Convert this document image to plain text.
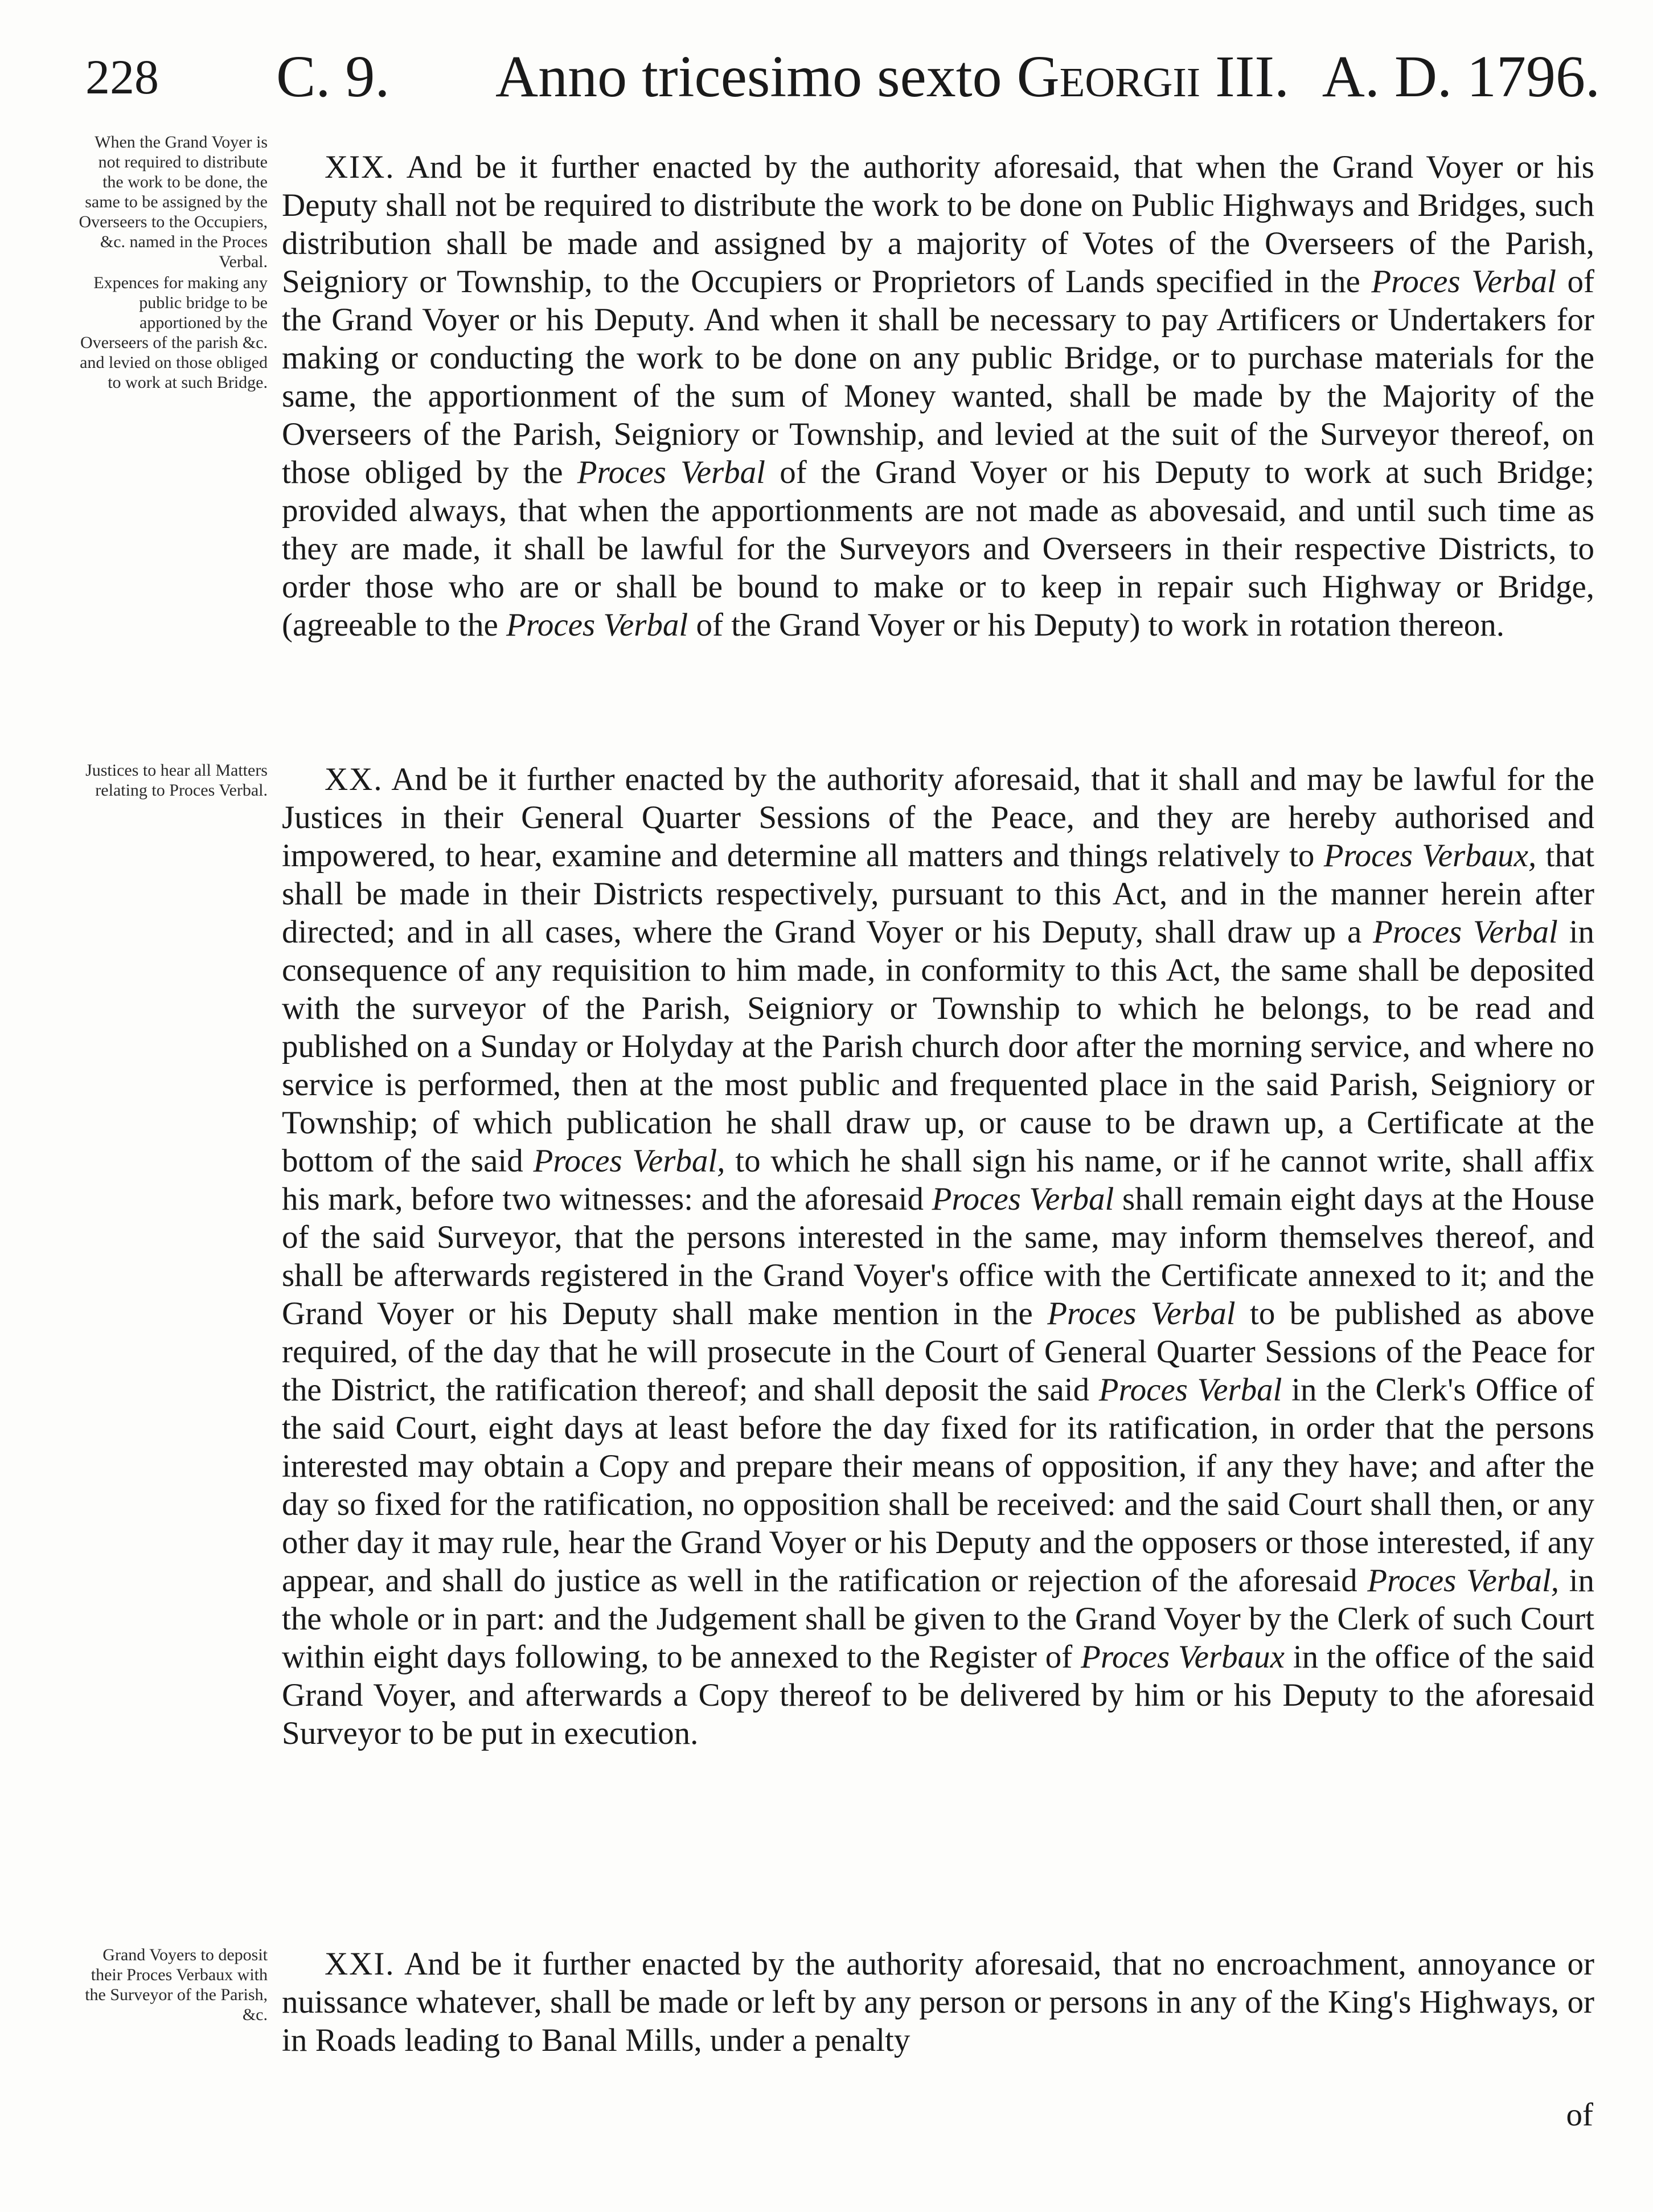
228 C. 9. Anno tricesimo sexto Georgii III. A. D. 1796.

When the Grand Voyer is not required to distribute the work to be done, the same to be assigned by the Overseers to the Occupiers, &c. named in the Proces Verbal.

Expences for making any public bridge to be apportioned by the Overseers of the parish &c. and levied on those obliged to work at such Bridge.

Justices to hear all Matters relating to Proces Verbal.

Grand Voyers to deposit their Proces Verbaux with the Surveyor of the Parish, &c.

XIX. And be it further enacted by the authority aforesaid, that when the Grand Voyer or his Deputy shall not be required to distribute the work to be done on Public Highways and Bridges, such distribution shall be made and assigned by a majority of Votes of the Overseers of the Parish, Seigniory or Township, to the Occupiers or Proprietors of Lands specified in the Proces Verbal of the Grand Voyer or his Deputy. And when it shall be necessary to pay Artificers or Undertakers for making or conducting the work to be done on any public Bridge, or to purchase materials for the same, the apportionment of the sum of Money wanted, shall be made by the Majority of the Overseers of the Parish, Seigniory or Township, and levied at the suit of the Surveyor thereof, on those obliged by the Proces Verbal of the Grand Voyer or his Deputy to work at such Bridge; provided always, that when the apportionments are not made as abovesaid, and until such time as they are made, it shall be lawful for the Surveyors and Overseers in their respective Districts, to order those who are or shall be bound to make or to keep in repair such Highway or Bridge, (agreeable to the Proces Verbal of the Grand Voyer or his Deputy) to work in rotation thereon.

XX. And be it further enacted by the authority aforesaid, that it shall and may be lawful for the Justices in their General Quarter Sessions of the Peace, and they are hereby authorised and impowered, to hear, examine and determine all matters and things relatively to Proces Verbaux, that shall be made in their Districts respectively, pursuant to this Act, and in the manner herein after directed; and in all cases, where the Grand Voyer or his Deputy, shall draw up a Proces Verbal in consequence of any requisition to him made, in conformity to this Act, the same shall be deposited with the surveyor of the Parish, Seigniory or Township to which he belongs, to be read and published on a Sunday or Holyday at the Parish church door after the morning service, and where no service is performed, then at the most public and frequented place in the said Parish, Seigniory or Township; of which publication he shall draw up, or cause to be drawn up, a Certificate at the bottom of the said Proces Verbal, to which he shall sign his name, or if he cannot write, shall affix his mark, before two witnesses: and the aforesaid Proces Verbal shall remain eight days at the House of the said Surveyor, that the persons interested in the same, may inform themselves thereof, and shall be afterwards registered in the Grand Voyer's office with the Certificate annexed to it; and the Grand Voyer or his Deputy shall make mention in the Proces Verbal to be published as above required, of the day that he will prosecute in the Court of General Quarter Sessions of the Peace for the District, the ratification thereof; and shall deposit the said Proces Verbal in the Clerk's Office of the said Court, eight days at least before the day fixed for its ratification, in order that the persons interested may obtain a Copy and prepare their means of opposition, if any they have; and after the day so fixed for the ratification, no opposition shall be received: and the said Court shall then, or any other day it may rule, hear the Grand Voyer or his Deputy and the opposers or those interested, if any appear, and shall do justice as well in the ratification or rejection of the aforesaid Proces Verbal, in the whole or in part: and the Judgement shall be given to the Grand Voyer by the Clerk of such Court within eight days following, to be annexed to the Register of Proces Verbaux in the office of the said Grand Voyer, and afterwards a Copy thereof to be delivered by him or his Deputy to the aforesaid Surveyor to be put in execution.

XXI. And be it further enacted by the authority aforesaid, that no encroachment, annoyance or nuissance whatever, shall be made or left by any person or persons in any of the King's Highways, or in Roads leading to Banal Mills, under a penalty

of
